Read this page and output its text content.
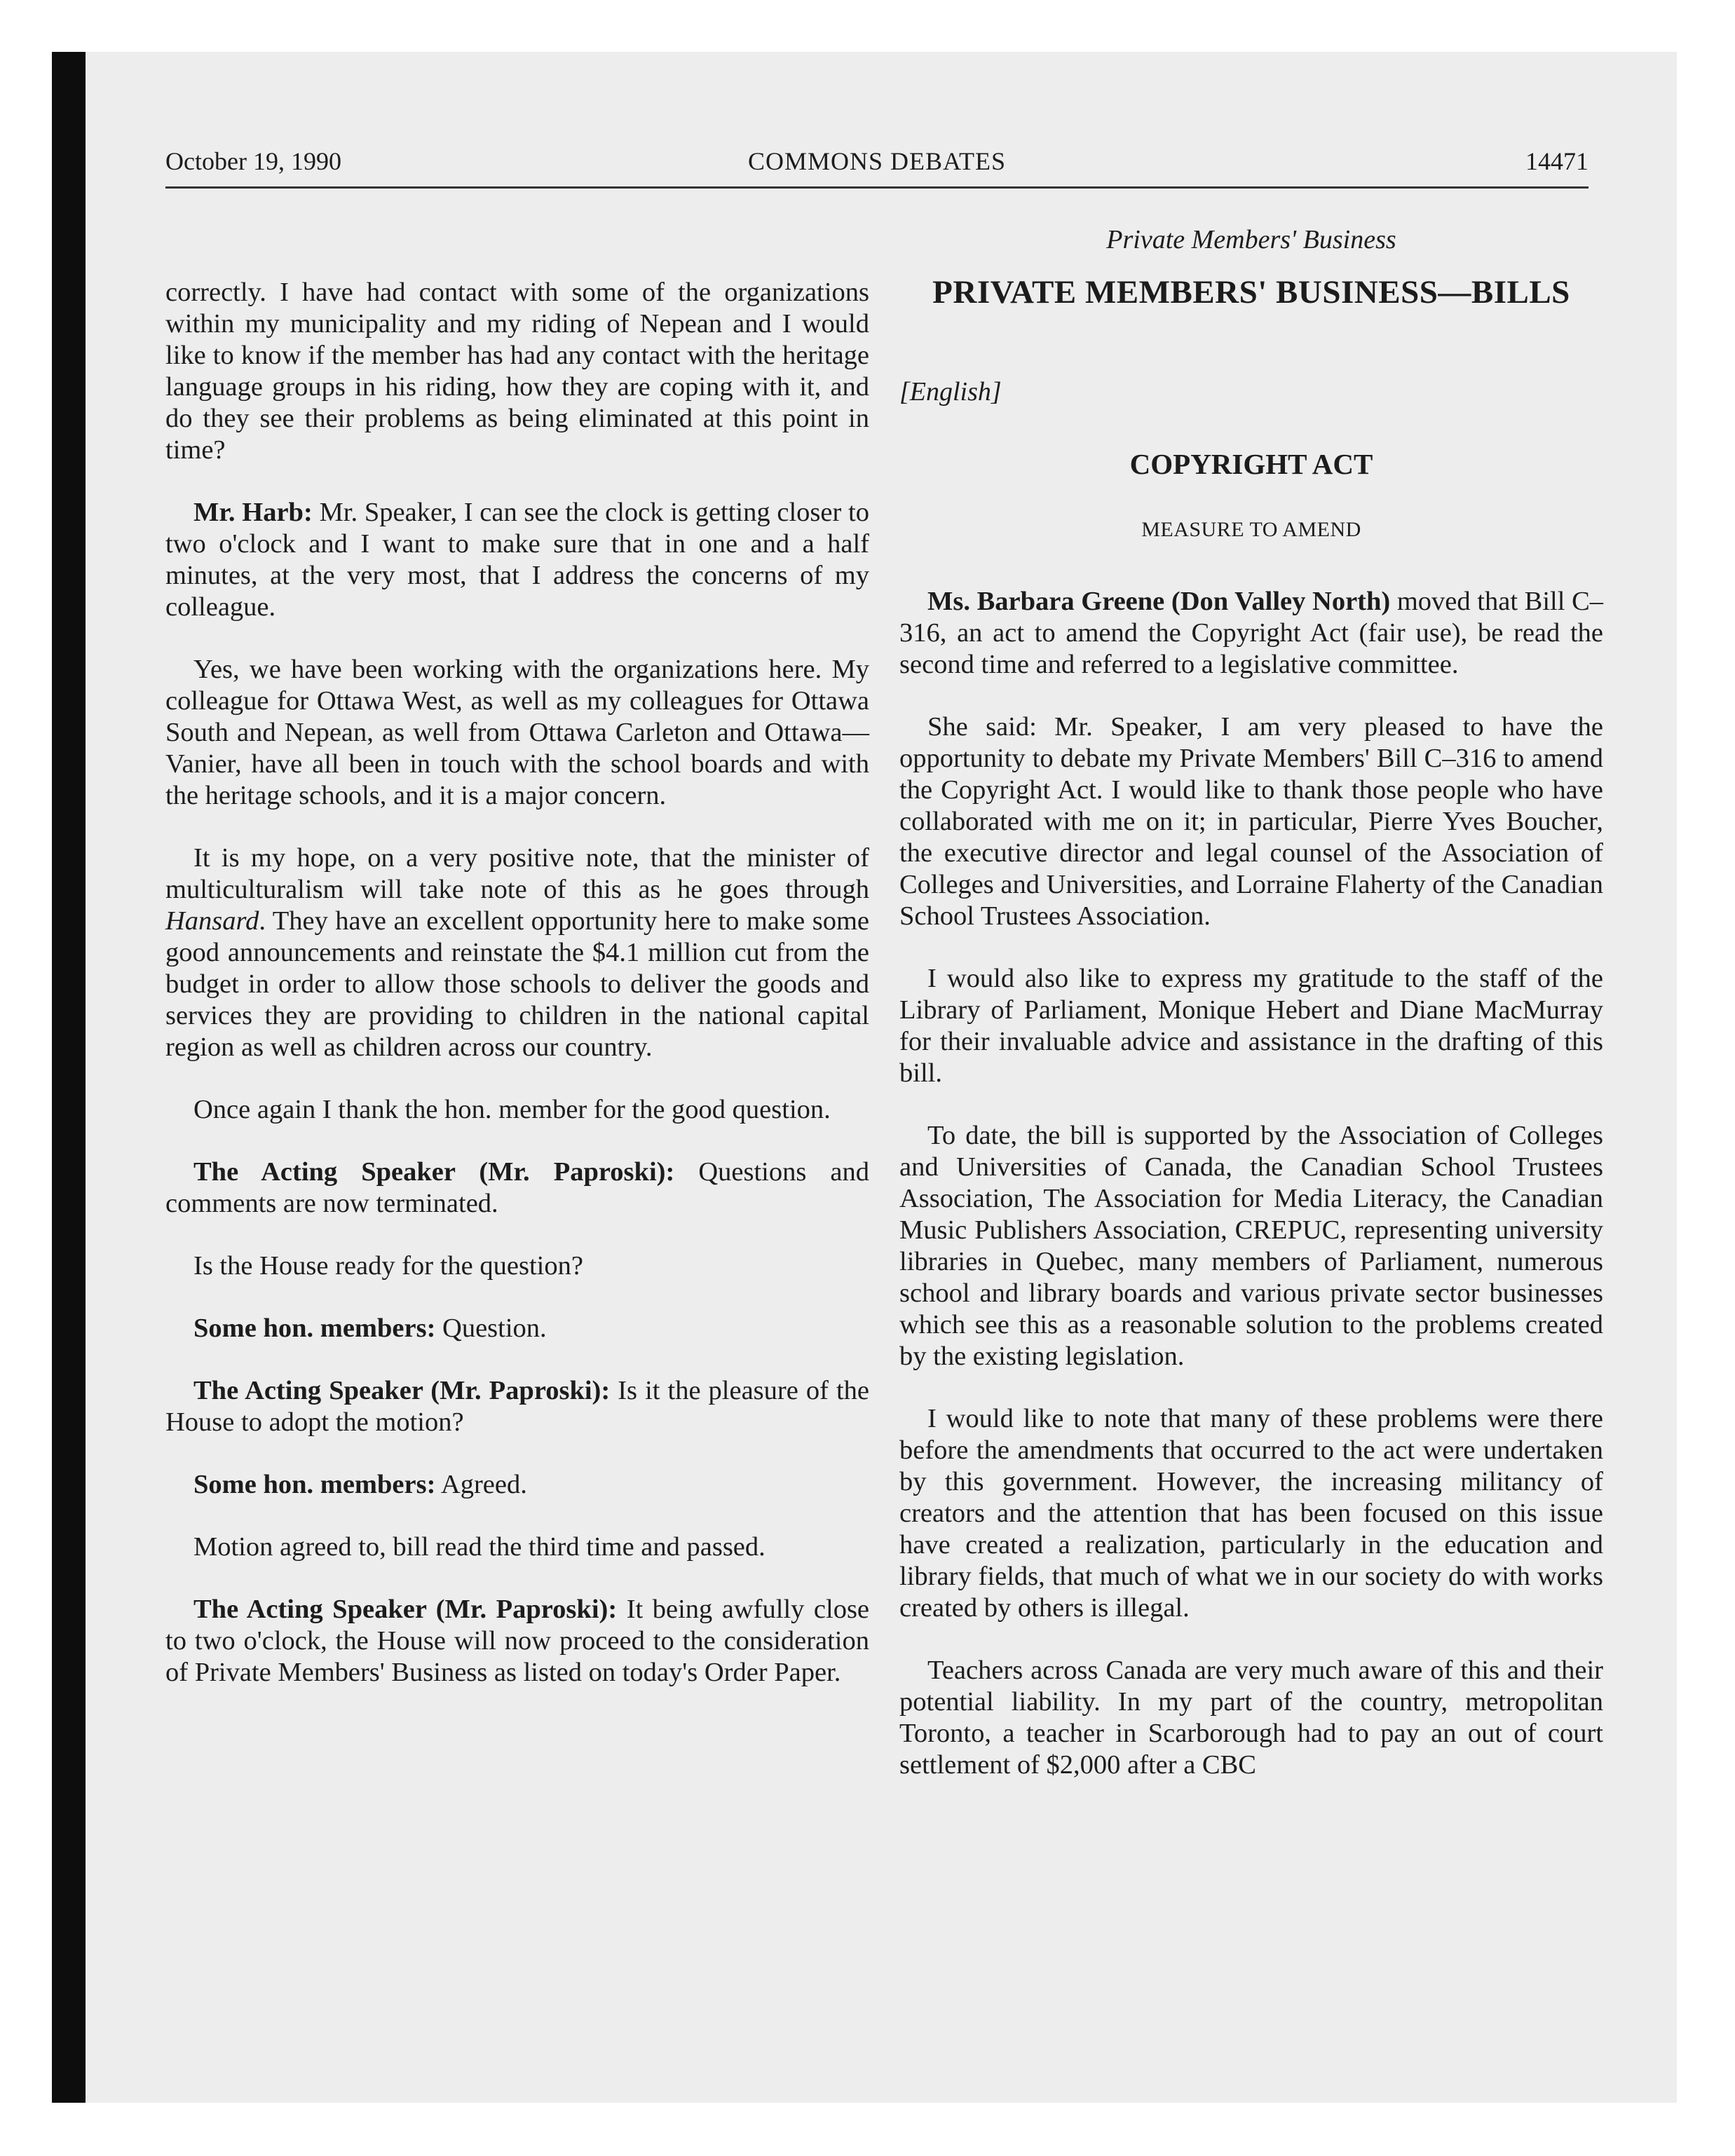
October 19, 1990	COMMONS DEBATES	14471

correctly. I have had contact with some of the organizations within my municipality and my riding of Nepean and I would like to know if the member has had any contact with the heritage language groups in his riding, how they are coping with it, and do they see their problems as being eliminated at this point in time?

Mr. Harb: Mr. Speaker, I can see the clock is getting closer to two o'clock and I want to make sure that in one and a half minutes, at the very most, that I address the concerns of my colleague.

Yes, we have been working with the organizations here. My colleague for Ottawa West, as well as my colleagues for Ottawa South and Nepean, as well from Ottawa Carleton and Ottawa—Vanier, have all been in touch with the school boards and with the heritage schools, and it is a major concern.

It is my hope, on a very positive note, that the minister of multiculturalism will take note of this as he goes through Hansard. They have an excellent opportunity here to make some good announcements and reinstate the $4.1 million cut from the budget in order to allow those schools to deliver the goods and services they are providing to children in the national capital region as well as children across our country.

Once again I thank the hon. member for the good question.

The Acting Speaker (Mr. Paproski): Questions and comments are now terminated.

Is the House ready for the question?

Some hon. members: Question.

The Acting Speaker (Mr. Paproski): Is it the pleasure of the House to adopt the motion?

Some hon. members: Agreed.

Motion agreed to, bill read the third time and passed.

The Acting Speaker (Mr. Paproski): It being awfully close to two o'clock, the House will now proceed to the consideration of Private Members' Business as listed on today's Order Paper.

Private Members' Business
PRIVATE MEMBERS' BUSINESS—BILLS
[English]
COPYRIGHT ACT
MEASURE TO AMEND

Ms. Barbara Greene (Don Valley North) moved that Bill C–316, an act to amend the Copyright Act (fair use), be read the second time and referred to a legislative committee.

She said: Mr. Speaker, I am very pleased to have the opportunity to debate my Private Members' Bill C–316 to amend the Copyright Act. I would like to thank those people who have collaborated with me on it; in particular, Pierre Yves Boucher, the executive director and legal counsel of the Association of Colleges and Universities, and Lorraine Flaherty of the Canadian School Trustees Association.

I would also like to express my gratitude to the staff of the Library of Parliament, Monique Hebert and Diane MacMurray for their invaluable advice and assistance in the drafting of this bill.

To date, the bill is supported by the Association of Colleges and Universities of Canada, the Canadian School Trustees Association, The Association for Media Literacy, the Canadian Music Publishers Association, CREPUC, representing university libraries in Quebec, many members of Parliament, numerous school and library boards and various private sector businesses which see this as a reasonable solution to the problems created by the existing legislation.

I would like to note that many of these problems were there before the amendments that occurred to the act were undertaken by this government. However, the increasing militancy of creators and the attention that has been focused on this issue have created a realization, particularly in the education and library fields, that much of what we in our society do with works created by others is illegal.

Teachers across Canada are very much aware of this and their potential liability. In my part of the country, metropolitan Toronto, a teacher in Scarborough had to pay an out of court settlement of $2,000 after a CBC
